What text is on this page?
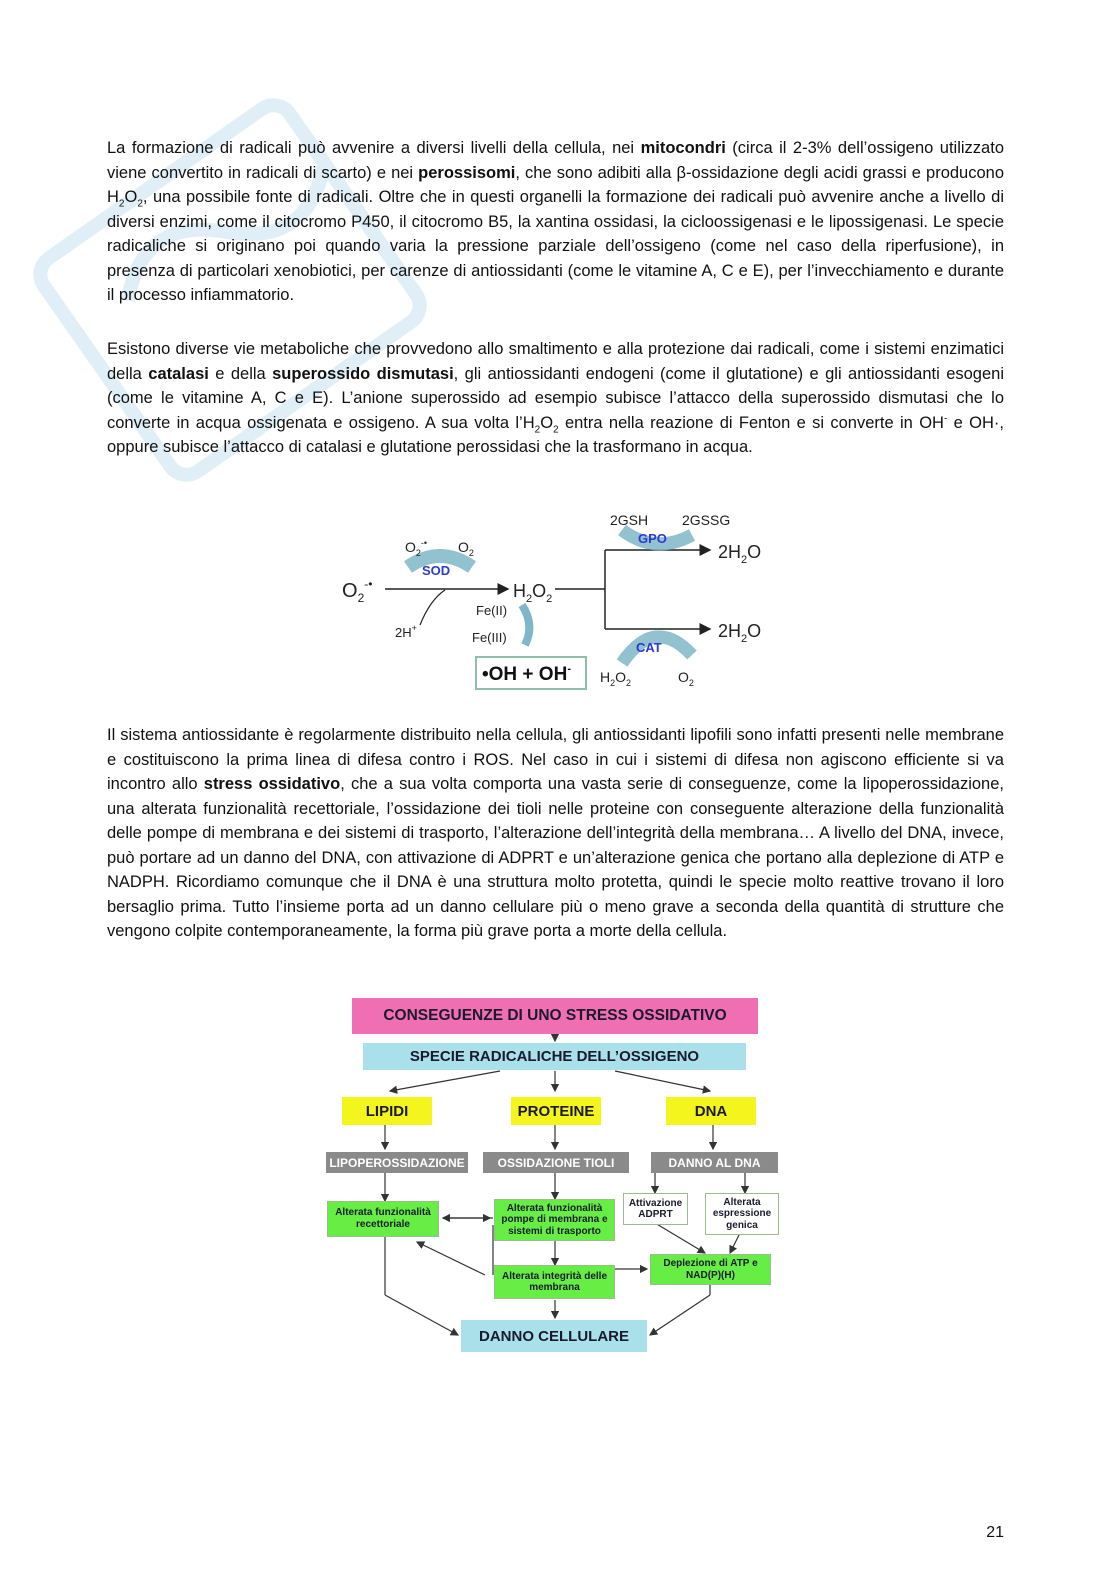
La formazione di radicali può avvenire a diversi livelli della cellula, nei mitocondri (circa il 2-3% dell’ossigeno utilizzato viene convertito in radicali di scarto) e nei perossisomi, che sono adibiti alla β-ossidazione degli acidi grassi e producono $H_2O_2$, una possibile fonte di radicali. Oltre che in questi organelli la formazione dei radicali può avvenire anche a livello di diversi enzimi, come il citocromo P450, il citocromo B5, la xantina ossidasi, la cicloossigenasi e le lipossigenasi. Le specie radicaliche si originano poi quando varia la pressione parziale dell’ossigeno (come nel caso della riperfusione), in presenza di particolari xenobiotici, per carenze di antiossidanti (come le vitamine A, C e E), per l’invecchiamento e durante il processo infiammatorio.

Esistono diverse vie metaboliche che provvedono allo smaltimento e alla protezione dai radicali, come i sistemi enzimatici della catalasi e della superossido dismutasi, gli antiossidanti endogeni (come il glutatione) e gli antiossidanti esogeni (come le vitamine A, C e E). L’anione superossido ad esempio subisce l’attacco della superossido dismutasi che lo converte in acqua ossigenata e ossigeno. A sua volta $l’H_2O_2$ entra nella reazione di Fenton e si converte in OH- e OH·, oppure subisce l’attacco di catalasi e glutatione perossidasi che la trasformano in acqua.

$O_2^{-•}$
SOD
$O_2^{-•}$ $O_2$
2H+
$H_2O_2$
Fe(II)
Fe(III)
•OH + OH-
2GSH 2GSSG
GPO
$2H_2O$
CAT
$2H_2O$
$H_2O_2$	$O_2$

Il sistema antiossidante è regolarmente distribuito nella cellula, gli antiossidanti lipofili sono infatti presenti nelle membrane e costituiscono la prima linea di difesa contro i ROS. Nel caso in cui i sistemi di difesa non agiscono efficiente si va incontro allo stress ossidativo, che a sua volta comporta una vasta serie di conseguenze, come la lipoperossidazione, una alterata funzionalità recettoriale, l’ossidazione dei tioli nelle proteine con conseguente alterazione della funzionalità delle pompe di membrana e dei sistemi di trasporto, l’alterazione dell’integrità della membrana… A livello del DNA, invece, può portare ad un danno del DNA, con attivazione di ADPRT e un’alterazione genica che portano alla deplezione di ATP e NADPH. Ricordiamo comunque che il DNA è una struttura molto protetta, quindi le specie molto reattive trovano il loro bersaglio prima. Tutto l’insieme porta ad un danno cellulare più o meno grave a seconda della quantità di strutture che vengono colpite contemporaneamente, la forma più grave porta a morte della cellula.

CONSEGUENZE DI UNO STRESS OSSIDATIVO
SPECIE RADICALICHE DELL’OSSIGENO
LIPIDI	PROTEINE	DNA
LIPOPEROSSIDAZIONE	OSSIDAZIONE TIOLI	DANNO AL DNA
Alterata funzionalità recettoriale
Alterata funzionalità pompe di membrana e sistemi di trasporto
Attivazione ADPRT
Alterata espressione genica
Alterata integrità delle membrana
Deplezione di ATP e NAD(P)(H)
DANNO CELLULARE
21
